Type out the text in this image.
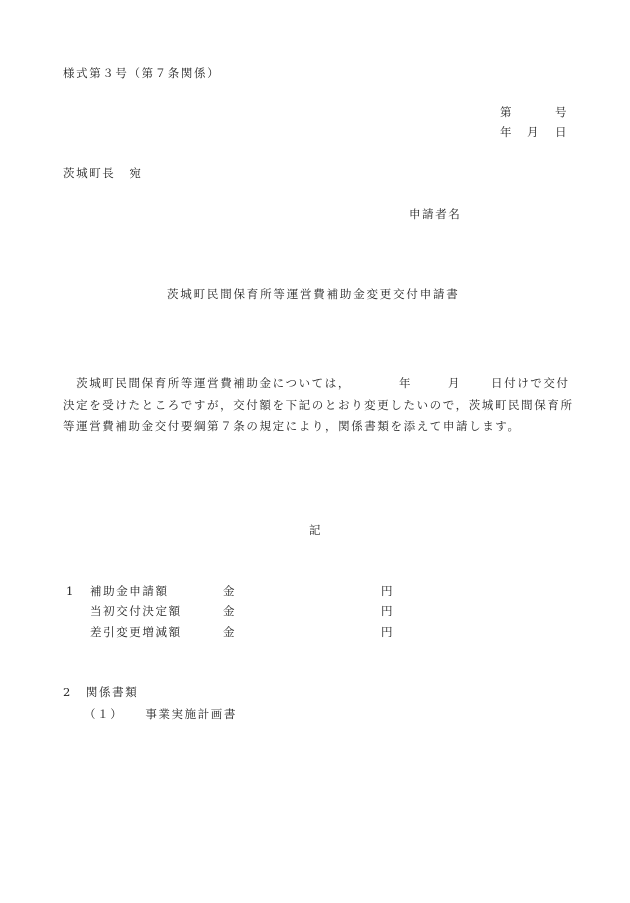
様式第３号（第７条関係）
第	号
年 月 日
茨城町長 宛
申請者名
茨城町民間保育所等運営費補助金変更交付申請書
　茨城町民間保育所等運営費補助金については，	年	月	日付けで交付
決定を受けたところですが，交付額を下記のとおり変更したいので，茨城町民間保育所
等運営費補助金交付要綱第７条の規定により，関係書類を添えて申請します。
記
1 補助金申請額	金	円
当初交付決定額	金	円
差引変更増減額	金	円
2 関係書類
（１） 事業実施計画書
